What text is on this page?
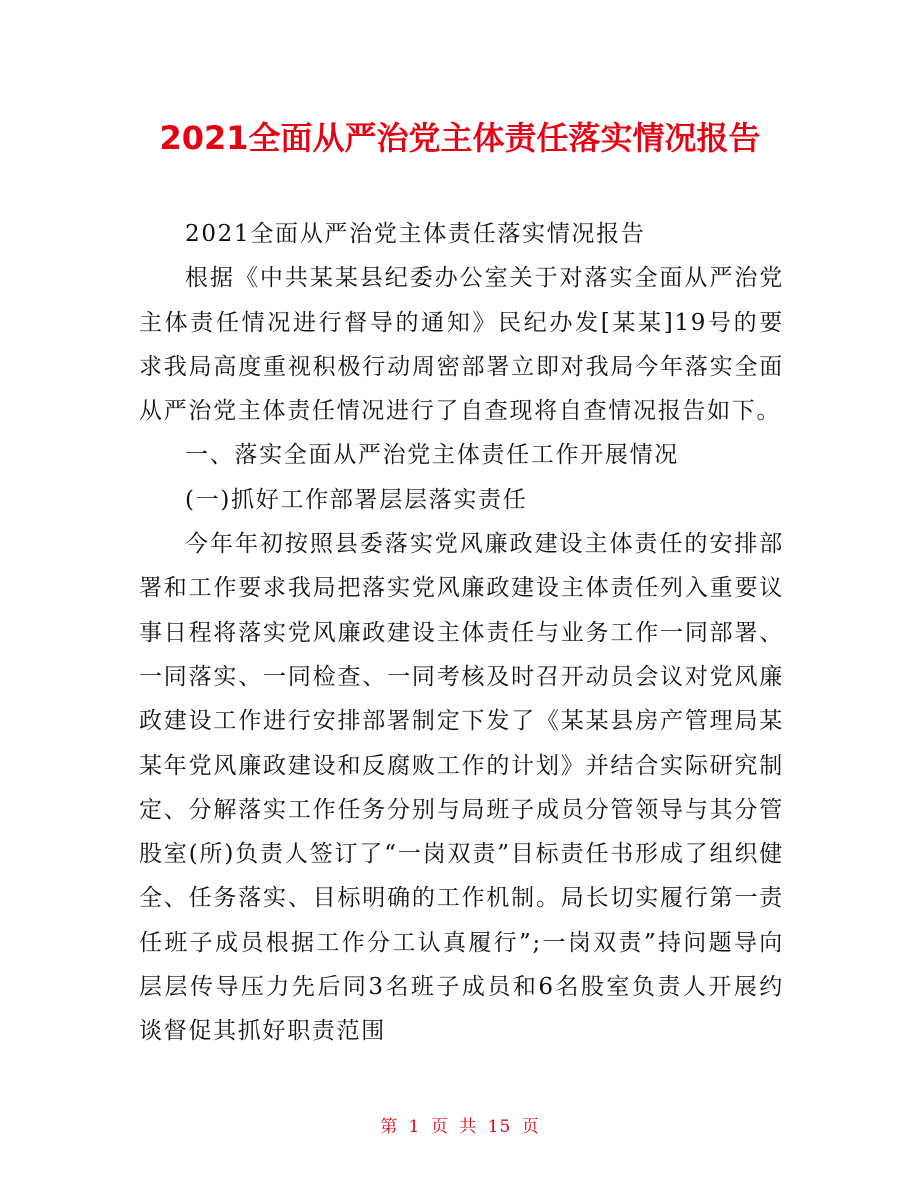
2021全面从严治党主体责任落实情况报告

2021全面从严治党主体责任落实情况报告

根据《中共某某县纪委办公室关于对落实全面从严治党主体责任情况进行督导的通知》民纪办发[某某]19号的要求我局高度重视积极行动周密部署立即对我局今年落实全面从严治党主体责任情况进行了自查现将自查情况报告如下。

一、落实全面从严治党主体责任工作开展情况

(一)抓好工作部署层层落实责任

今年年初按照县委落实党风廉政建设主体责任的安排部署和工作要求我局把落实党风廉政建设主体责任列入重要议事日程将落实党风廉政建设主体责任与业务工作一同部署、一同落实、一同检查、一同考核及时召开动员会议对党风廉政建设工作进行安排部署制定下发了《某某县房产管理局某某年党风廉政建设和反腐败工作的计划》并结合实际研究制定、分解落实工作任务分别与局班子成员分管领导与其分管股室(所)负责人签订了“一岗双责”目标责任书形成了组织健全、任务落实、目标明确的工作机制。局长切实履行第一责任班子成员根据工作分工认真履行”;一岗双责”持问题导向层层传导压力先后同3名班子成员和6名股室负责人开展约谈督促其抓好职责范围

第 1 页 共 15 页
